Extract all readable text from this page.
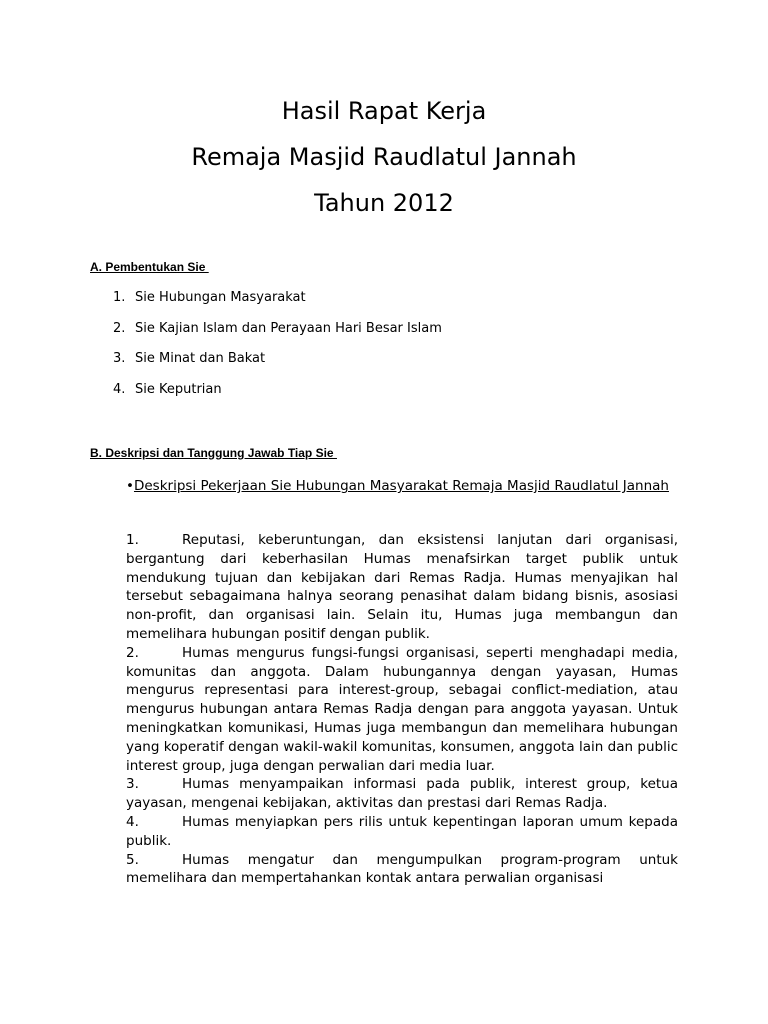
Hasil Rapat Kerja
Remaja Masjid Raudlatul Jannah
Tahun 2012
A. Pembentukan Sie
1. Sie Hubungan Masyarakat
2. Sie Kajian Islam dan Perayaan Hari Besar Islam
3. Sie Minat dan Bakat
4. Sie Keputrian
B. Deskripsi dan Tanggung Jawab Tiap Sie
•Deskripsi Pekerjaan Sie Hubungan Masyarakat Remaja Masjid Raudlatul Jannah

1.	Reputasi, keberuntungan, dan eksistensi lanjutan dari organisasi, bergantung dari keberhasilan Humas menafsirkan target publik untuk mendukung tujuan dan kebijakan dari Remas Radja. Humas menyajikan hal tersebut sebagaimana halnya seorang penasihat dalam bidang bisnis, asosiasi non-profit, dan organisasi lain. Selain itu, Humas juga membangun dan memelihara hubungan positif dengan publik.

2.	Humas mengurus fungsi-fungsi organisasi, seperti menghadapi media, komunitas dan anggota. Dalam hubungannya dengan yayasan, Humas mengurus representasi para interest-group, sebagai conflict-mediation, atau mengurus hubungan antara Remas Radja dengan para anggota yayasan. Untuk meningkatkan komunikasi, Humas juga membangun dan memelihara hubungan yang koperatif dengan wakil-wakil komunitas, konsumen, anggota lain dan public interest group, juga dengan perwalian dari media luar.

3.	Humas menyampaikan informasi pada publik, interest group, ketua yayasan, mengenai kebijakan, aktivitas dan prestasi dari Remas Radja.

4.	Humas menyiapkan pers rilis untuk kepentingan laporan umum kepada publik.

5.	Humas mengatur dan mengumpulkan program-program untuk memelihara dan mempertahankan kontak antara perwalian organisasi
